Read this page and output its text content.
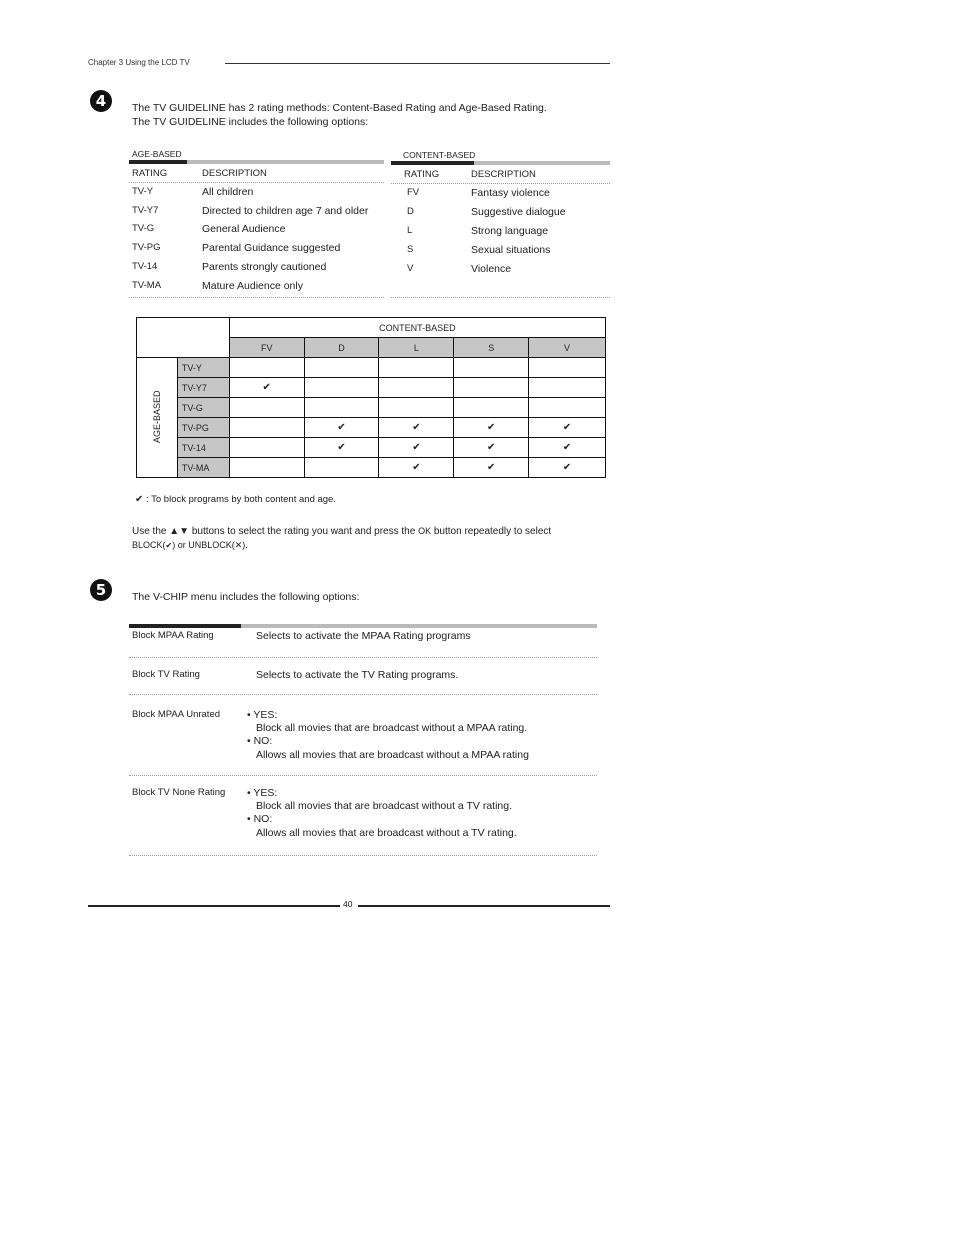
Chapter 3 Using the LCD TV
4	The TV GUIDELINE has 2 rating methods: Content-Based Rating and Age-Based Rating.
The TV GUIDELINE includes the following options:
AGE-BASED
RATING	DESCRIPTION
TV-Y	All children
TV-Y7	Directed to children age 7 and older
TV-G	General Audience
TV-PG	Parental Guidance suggested
TV-14	Parents strongly cautioned
TV-MA	Mature Audience only
CONTENT-BASED
RATING	DESCRIPTION
FV	Fantasy violence
D	Suggestive dialogue
L	Strong language
S	Sexual situations
V	Violence
		CONTENT-BASED				
		FV	D	L	S	V

AGE-BASED	TV-Y					
	TV-Y7	✔				
	TV-G					
	TV-PG		✔	✔	✔	✔
	TV-14		✔	✔	✔	✔
	TV-MA			✔	✔	✔
✔ : To block programs by both content and age.
Use the ▲▼ buttons to select the rating you want and press the OK button repeatedly to select
BLOCK(✔) or UNBLOCK(✕).
5	The V-CHIP menu includes the following options:
Block MPAA Rating	Selects to activate the MPAA Rating programs
Block TV Rating	Selects to activate the TV Rating programs.
Block MPAA Unrated	• YES:
Block all movies that are broadcast without a MPAA rating.
• NO:
Allows all movies that are broadcast without a MPAA rating
Block TV None Rating • YES:
Block all movies that are broadcast without a TV rating.
• NO:
Allows all movies that are broadcast without a TV rating.
40
